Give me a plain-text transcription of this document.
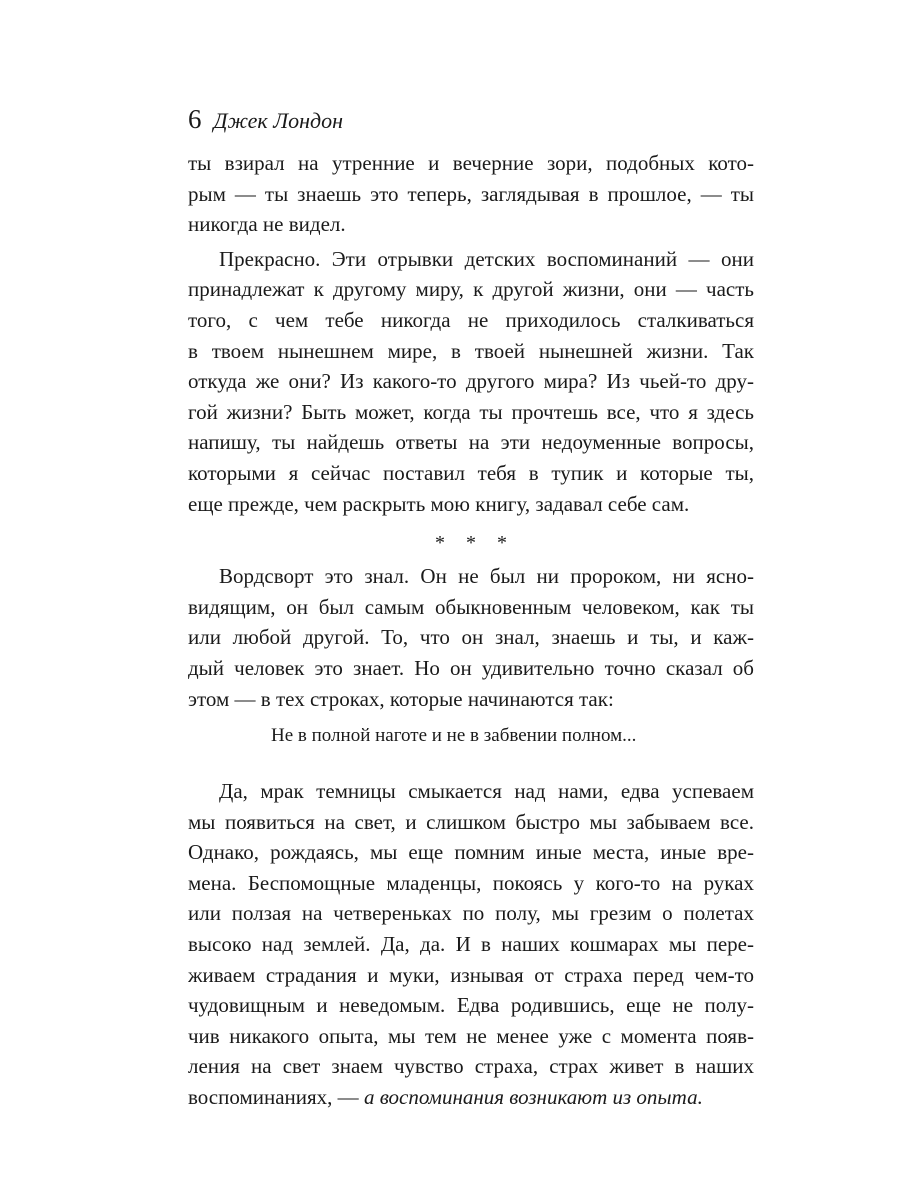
6 Джек Лондон
ты взирал на утренние и вечерние зори, подобных кото-
рым — ты знаешь это теперь, заглядывая в прошлое, — ты
никогда не видел.
Прекрасно. Эти отрывки детских воспоминаний — они
принадлежат к другому миру, к другой жизни, они — часть
того, с чем тебе никогда не приходилось сталкиваться
в твоем нынешнем мире, в твоей нынешней жизни. Так
откуда же они? Из какого-то другого мира? Из чьей-то дру-
гой жизни? Быть может, когда ты прочтешь все, что я здесь
напишу, ты найдешь ответы на эти недоуменные вопросы,
которыми я сейчас поставил тебя в тупик и которые ты,
еще прежде, чем раскрыть мою книгу, задавал себе сам.
* * *
Вордсворт это знал. Он не был ни пророком, ни ясно-
видящим, он был самым обыкновенным человеком, как ты
или любой другой. То, что он знал, знаешь и ты, и каж-
дый человек это знает. Но он удивительно точно сказал об
этом — в тех строках, которые начинаются так:
Не в полной наготе и не в забвении полном...
Да, мрак темницы смыкается над нами, едва успеваем
мы появиться на свет, и слишком быстро мы забываем все.
Однако, рождаясь, мы еще помним иные места, иные вре-
мена. Беспомощные младенцы, покоясь у кого-то на руках
или ползая на четвереньках по полу, мы грезим о полетах
высоко над землей. Да, да. И в наших кошмарах мы пере-
живаем страдания и муки, изнывая от страха перед чем-то
чудовищным и неведомым. Едва родившись, еще не полу-
чив никакого опыта, мы тем не менее уже с момента появ-
ления на свет знаем чувство страха, страх живет в наших
воспоминаниях, — а воспоминания возникают из опыта.
